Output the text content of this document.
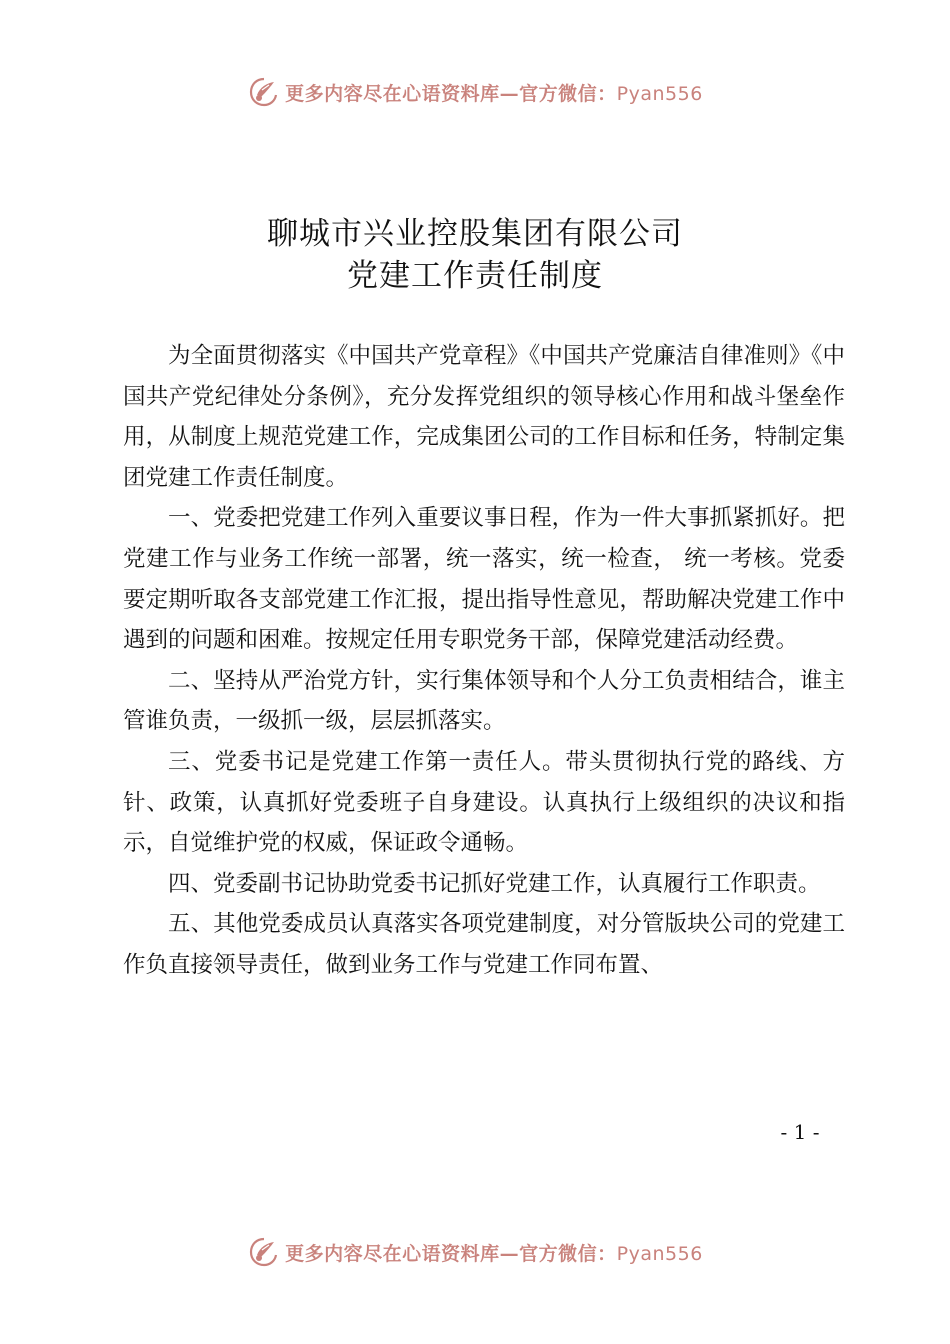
更多内容尽在心语资料库—官方微信：Pyan556
聊城市兴业控股集团有限公司
党建工作责任制度

为全面贯彻落实《中国共产党章程》《中国共产党廉洁自律准则》《中国共产党纪律处分条例》，充分发挥党组织的领导核心作用和战斗堡垒作用，从制度上规范党建工作，完成集团公司的工作目标和任务，特制定集团党建工作责任制度。

一、党委把党建工作列入重要议事日程，作为一件大事抓紧抓好。把党建工作与业务工作统一部署，统一落实，统一检查， 统一考核。党委要定期听取各支部党建工作汇报，提出指导性意见，帮助解决党建工作中遇到的问题和困难。按规定任用专职党务干部，保障党建活动经费。

二、坚持从严治党方针，实行集体领导和个人分工负责相结合，谁主管谁负责，一级抓一级，层层抓落实。

三、党委书记是党建工作第一责任人。带头贯彻执行党的路线、方针、政策，认真抓好党委班子自身建设。认真执行上级组织的决议和指示，自觉维护党的权威，保证政令通畅。

四、党委副书记协助党委书记抓好党建工作，认真履行工作职责。

五、其他党委成员认真落实各项党建制度，对分管版块公司的党建工作负直接领导责任，做到业务工作与党建工作同布置、

- 1 -
更多内容尽在心语资料库—官方微信：Pyan556
